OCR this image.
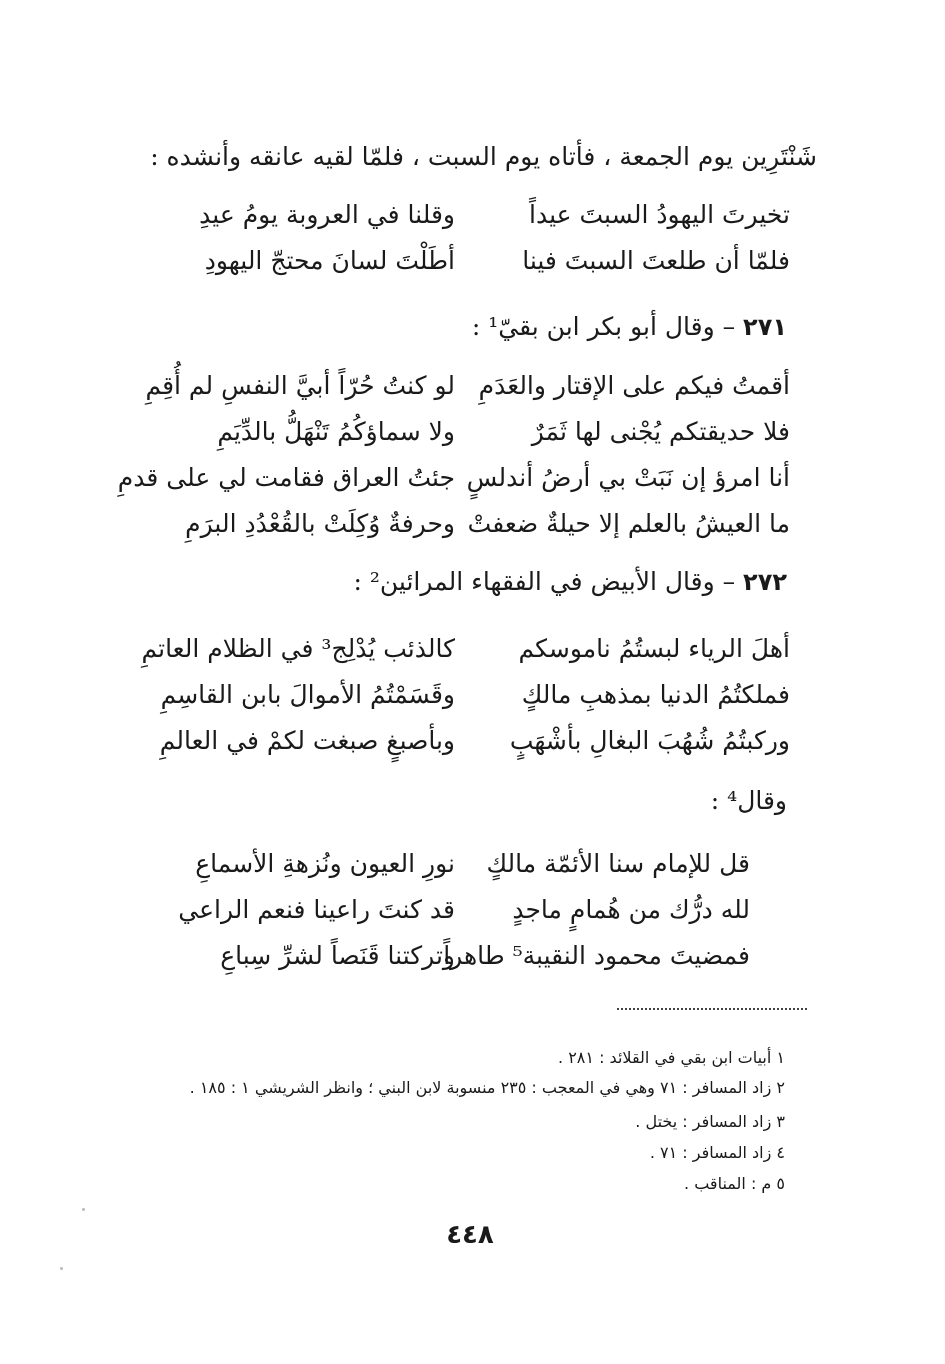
شَنْتَرِين يوم الجمعة ، فأتاه يوم السبت ، فلمّا لقيه عانقه وأنشده :
تخيرتَ اليهودُ السبتَ عيداً
وقلنا في العروبة يومُ عيدِ
فلمّا أن طلعتَ السبتَ فينا
أطَلْتَ لسانَ محتجّ اليهودِ
٢٧١ – وقال أبو بكر ابن بقيّ¹ :
أقمتُ فيكم على الإقتار والعَدَمِ
لو كنتُ حُرّاً أبيَّ النفسِ لم أُقِمِ
فلا حديقتكم يُجْنى لها ثَمَرٌ
ولا سماؤكُمُ تَنْهَلُّ بالدِّيَمِ
أنا امرؤ إن نَبَتْ بي أرضُ أندلسٍ
جئتُ العراق فقامت لي على قدمِ
ما العيشُ بالعلم إلا حيلةٌ ضعفتْ
وحرفةٌ وُكِلَتْ بالقُعْدُدِ البرَمِ
٢٧٢ – وقال الأبيض في الفقهاء المرائين² :
أهلَ الرياء لبستُمُ ناموسكم
كالذئب يُدْلِج³ في الظلام العاتمِ
فملكتُمُ الدنيا بمذهبِ مالكٍ
وقَسَمْتُمُ الأموالَ بابن القاسِمِ
وركبتُمُ شُهُبَ البغالِ بأشْهَبٍ
وبأصبغٍ صبغت لكمْ في العالمِ
وقال⁴ :
قل للإمام سنا الأئمّة مالكٍ
نورِ العيون ونُزهةِ الأسماعِ
لله درُّك من هُمامٍ ماجدٍ
قد كنتَ راعينا فنعم الراعي
فمضيتَ محمود النقيبة⁵ طاهراً
وتركتنا قَنَصاً لشرِّ سِباعِ
١ أبيات ابن بقي في القلائد : ٢٨١ .
٢ زاد المسافر : ٧١ وهي في المعجب : ٢٣٥ منسوبة لابن البني ؛ وانظر الشريشي ١ : ١٨٥ .
٣ زاد المسافر : يختل .
٤ زاد المسافر : ٧١ .
٥ م : المناقب .
٤٤٨
